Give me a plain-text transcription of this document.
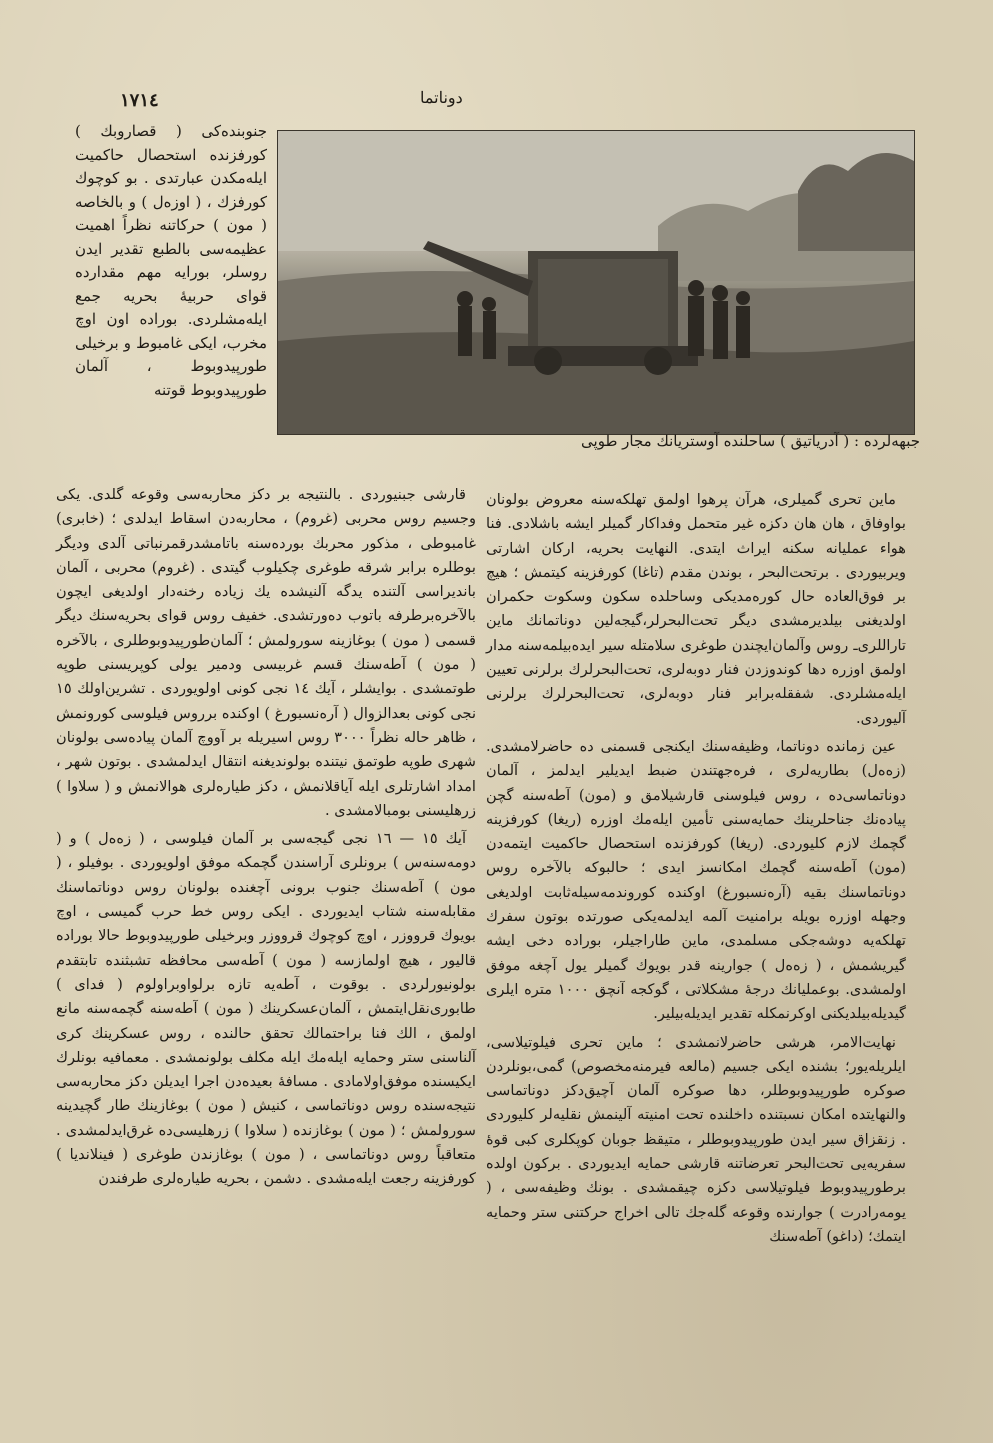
١٧١٤	دوناتما
جبهه‌لرده : ( آدرياتيق ) ساحلنده آوستريانك مجار طوپى
جنوبنده‌كى ( قصاروبك ) كورفزنده استحصال حاكميت ايله‌مكدن عبارتدى . بو كوچوك كورفزك ، ( اوزه‌ل ) و بالخاصه ( مون ) حركاتنه نظراً اهميت عظيمه‌سى بالطبع تقدير ايدن روسلر، بورايه مهم مقدارده قواى حربيهٔ بحريه جمع ايله‌مشلردى. بورادە اون اوچ مخرب، ايكى غامبوط و برخيلى طورپيدوبوط ، آلمان طورپيدوبوط قوتنه

ماين تحرى گميلرى، هرآن پرهوا اولمق تهلكه‌سنه معروض بولونان بواوفاق ، هان هان دكزه غير متحمل وفداكار گميلر ايشه باشلادى. فنا هواء عمليانه سكنه ايراث ايتدى. النهايت بحريه، اركان اشارتى ويربيوردى . برتحت‌البحر ، بوندن مقدم (تاغا) كورفزينه كيتمش ؛ هيچ بر فوق‌العاده حال كوره‌مديكى وساحلده سكون وسكوت حكمران اولديغنى بيلديرمشدى ديگر تحت‌البحرلر،گيجه‌لين دوناتمانك ماين تاراللرى‌ـ روس وآلمان‌ايچندن طوغرى سلامتله سير ايده‌بيلمه‌سنه مدار اولمق اوزره دها كوندوزدن فنار دوبه‌لرى، تحت‌البحرلرك برلرنى تعيين ايله‌مشلردى. شفقله‌برابر فنار دوبه‌لرى، تحت‌البحرلرك برلرنى آليوردى.

عين زمانده دوناتما، وظيفه‌سنك ايكنجى قسمنى ده حاضرلامشدى. (زه‌ه‌ل) بطاريه‌لرى ، فرەجهتندن ضبط ايديلير ايدلمز ، آلمان دوناتماسى‌ده ، روس فيلوسنى قارشيلامق و (مون) آطه‌سنه گچن پياده‌نك جناحلرينك حمايه‌سنى تأمين ايله‌مك اوزره (ريغا) كورفزينه گچمك لازم كليوردى. (ريغا) كورفزنده استحصال حاكميت ايتمه‌دن (مون) آطه‌سنه گچمك امكانسز ايدى ؛ حالبوكه بالآخره روس دوناتماسنك بقيه (آره‌نسبورغ) اوكنده كوروندمه‌سيله‌ثابت اولديغى وجهله اوزره بويله برامنيت آلمه ايدلمه‌يكى صورتده بوتون سفرك تهلكه‌يه دوشه‌جكى مسلمدى، ماين طاراجيلر، بورادە دخى ايشه گيريشمش ، ( زه‌ه‌ل ) جوارينه قدر بويوك گميلر يول آچغه موفق اولمشدى. بوعمليانك درجهٔ مشكلاتى ، گوكجه آنچق ١٠٠٠ متره ايلرى گيديله‌بيلديكنى اوكرنمكله تقدير ايديله‌بيلير.

نهايت‌الامر، هرشى حاضرلانمشدى ؛ ماين تحرى فيلوتيلاسى، ايلريله‌يور؛ بشنده ايكى جسيم (مالعه فيرمنه‌مخصوص) گمى،بونلردن صوكره طورپيدوبوطلر، دها صوكره آلمان آچيق‌دكز دوناتماسى والنهايتده امكان نسبتنده داخلنده تحت امنيته آلينمش نقليه‌لر كليوردى . زنقزاق سير ايدن طورپيدوبوطلر ، متيقظ جوبان كوپكلرى كبى قوهٔ سفريه‌يى تحت‌البحر تعرضاتنه قارشى حمايه ايديوردى . بركون اولده برطورپيدوبوط فيلوتيلاسى دكزه چيقمشدى . بونك وظيفه‌سى ، ( يومه‌رادرت ) جوارنده وقوعه گله‌جك تالى اخراج حركتنى ستر وحمايه ايتمك؛ (داغو) آطه‌سنك

قارشى جبنيوردى . بالنتيجه بر دكز محاربه‌سى وقوعه گلدى. يكى وجسيم روس محربى (غروم) ، محاربه‌دن اسقاط ايدلدى ؛ (خابرى) غامبوطى ، مذكور محربك بوردەسنه باتامشدرقمرنباتى آلدى وديگر بوطلره برابر شرقه طوغرى چكيلوب گيتدى . (غروم) محربى ، آلمان بانديراسى آلتنده يدگه آلنيشده يك زياده رخنه‌دار اولديغى ايچون بالآخره‌برطرفه باتوب دەورتشدى. خفيف روس قواى بحريه‌سنك ديگر قسمى ( مون ) بوغازينه سورولمش ؛ آلمان‌طورپيدوبوطلرى ، بالآخره ( مون ) آطه‌سنك قسم غربيسى ودمير يولى كوپريسنى طوپه طوتمشدى . بوايشلر ، آيك ١٤ نجى كونى اولويوردى . تشرين‌اولك ١٥ نجى كونى بعدالزوال ( آره‌نسبورغ ) اوكنده برروس فيلوسى كورونمش ، ظاهر حاله نظراً ٣٠٠٠ روس اسيريله بر آووچ آلمان پياده‌سى بولونان شهرى طوپه طوتمق نيتنده بولونديغنه انتقال ايدلمشدى . بوتون شهر ، امداد اشارتلرى ايله آياقلانمش ، دكز طياره‌لرى هوالانمش و ( سلاوا ) زرهليسنى بومبالامشدى .

آيك ١٥ — ١٦ نجى گيجه‌سى بر آلمان فيلوسى ، ( زه‌ه‌ل ) و ( دومه‌سنه‌س ) برونلرى آراسندن گچمكه موفق اولويوردى . بوفيلو ، ( مون ) آطه‌سنك جنوب برونى آچغنده بولونان روس دوناتماسنك مقابله‌سنه شتاب ايديوردى . ايكى روس خط حرب گميسى ، اوچ بويوك قرووزر ، اوچ كوچوك قرووزر وبرخيلى طورپيدوبوط حالا بورادە قاليور ، هيچ اولمازسه ( مون ) آطه‌سى محافظه تشبثنده تابتقدم بولونيورلردى . بوقوت ، آطه‌يه تازه برلواوبراولوم ( فداى ) طابورى‌نقل‌ايتمش ، آلمان‌عسكرينك ( مون ) آطه‌سنه گچمه‌سنه مانع اولمق ، الك فنا براحتمالك تحقق حالنده ، روس عسكرينك كرى آلناسنى ستر وحمايه ايله‌مك ايله مكلف بولونمشدى . معمافيه بونلرك ايكيسنده موفق‌اولامادى . مسافهٔ بعيده‌دن اجرا ايديلن دكز محاربه‌سى نتيجه‌سنده روس دوناتماسى ، كنيش ( مون ) بوغازينك طار گچيدينه سورولمش ؛ ( مون ) بوغازنده ( سلاوا ) زرهليسى‌ده غرق‌ايدلمشدى . متعاقباً روس دوناتماسى ، ( مون ) بوغازندن طوغرى ( فينلانديا ) كورفزينه رجعت ايله‌مشدى . دشمن ، بحريه طياره‌لرى طرفندن
